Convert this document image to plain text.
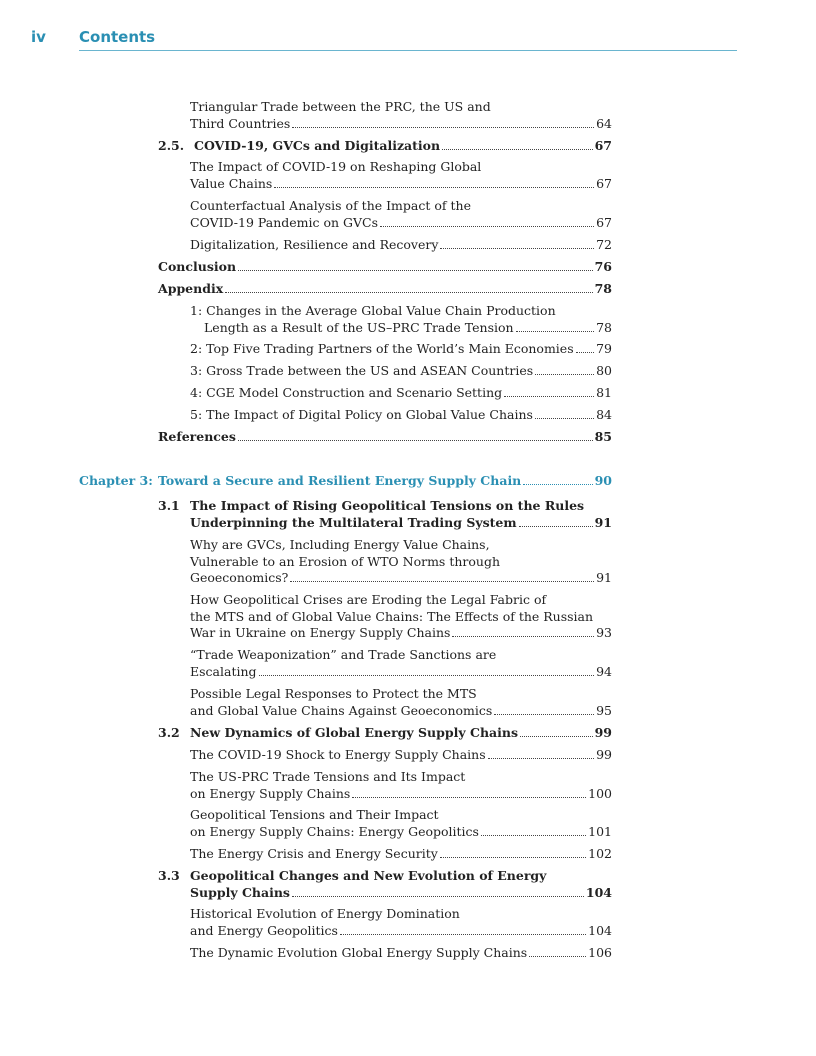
iv Contents
Triangular Trade between the PRC, the US and
Third Countries	64
2.5. COVID-19, GVCs and Digitalization	67
The Impact of COVID-19 on Reshaping Global
Value Chains	67
Counterfactual Analysis of the Impact of the
COVID-19 Pandemic on GVCs	67
Digitalization, Resilience and Recovery	72
Conclusion	76
Appendix	78
1: Changes in the Average Global Value Chain Production
Length as a Result of the US–PRC Trade Tension	78
2: Top Five Trading Partners of the World’s Main Economies 79
3: Gross Trade between the US and ASEAN Countries	80
4: CGE Model Construction and Scenario Setting	81
5: The Impact of Digital Policy on Global Value Chains	84
References	85
Chapter 3: Toward a Secure and Resilient Energy Supply Chain	90
3.1 The Impact of Rising Geopolitical Tensions on the Rules
Underpinning the Multilateral Trading System	91
Why are GVCs, Including Energy Value Chains,
Vulnerable to an Erosion of WTO Norms through
Geoeconomics?	91
How Geopolitical Crises are Eroding the Legal Fabric of
the MTS and of Global Value Chains: The Effects of the Russian
War in Ukraine on Energy Supply Chains	93
“Trade Weaponization” and Trade Sanctions are
Escalating	94
Possible Legal Responses to Protect the MTS
and Global Value Chains Against Geoeconomics	95
3.2 New Dynamics of Global Energy Supply Chains	99
The COVID-19 Shock to Energy Supply Chains	99
The US-PRC Trade Tensions and Its Impact
on Energy Supply Chains	100
Geopolitical Tensions and Their Impact
on Energy Supply Chains: Energy Geopolitics	101
The Energy Crisis and Energy Security	102
3.3 Geopolitical Changes and New Evolution of Energy
Supply Chains	104
Historical Evolution of Energy Domination
and Energy Geopolitics	104
The Dynamic Evolution Global Energy Supply Chains	106
